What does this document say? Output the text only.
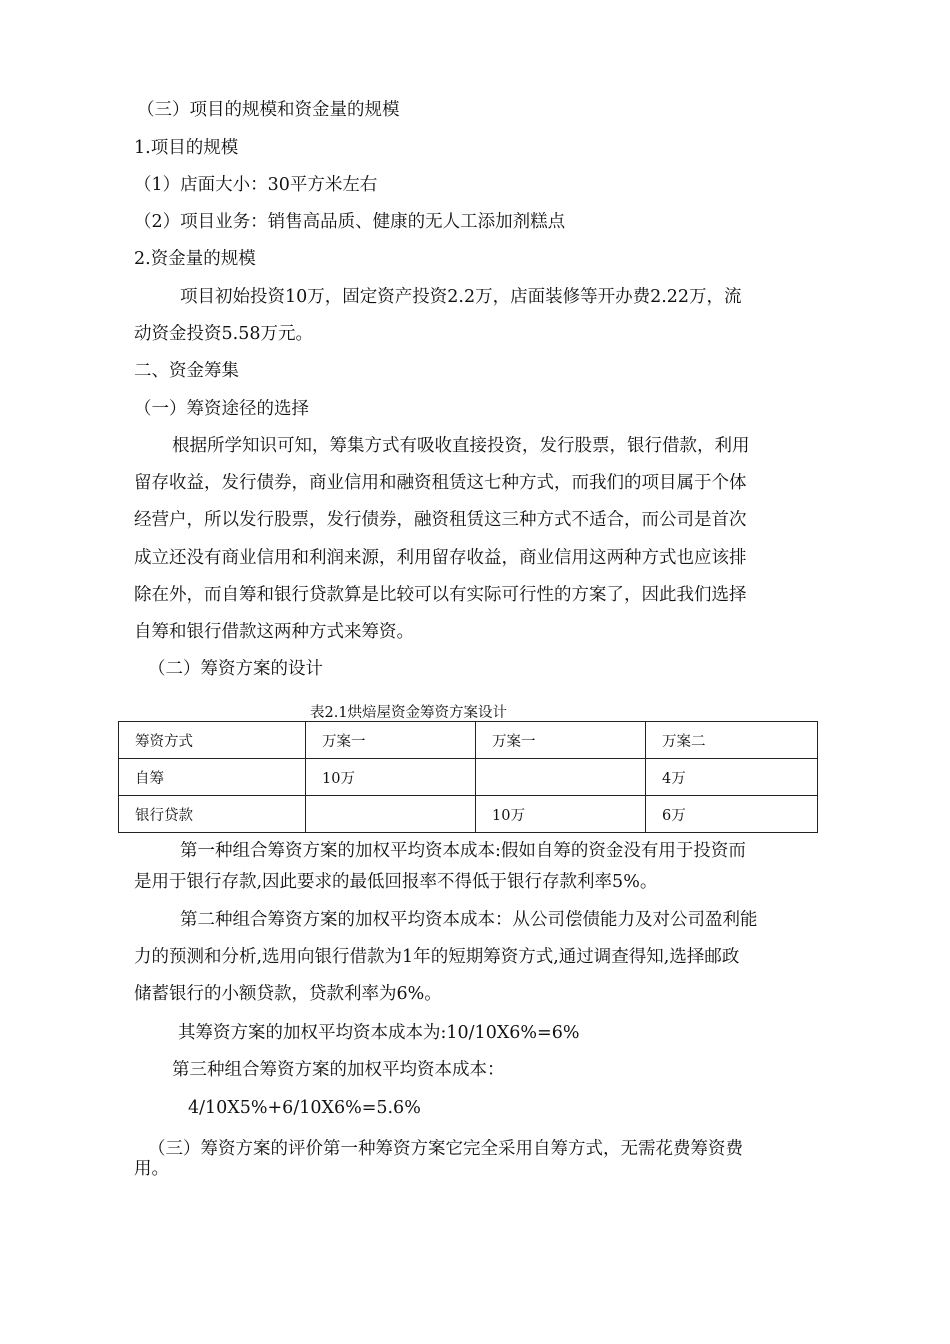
（三）项目的规模和资金量的规模
1.项目的规模
（1）店面大小：30平方米左右
（2）项目业务：销售高品质、健康的无人工添加剂糕点
2.资金量的规模
项目初始投资10万，固定资产投资2.2万，店面装修等开办费2.22万，流
动资金投资5.58万元。
二、资金筹集
（一）筹资途径的选择
根据所学知识可知，筹集方式有吸收直接投资，发行股票，银行借款，利用
留存收益，发行债券，商业信用和融资租赁这七种方式，而我们的项目属于个体
经营户，所以发行股票，发行债券，融资租赁这三种方式不适合，而公司是首次
成立还没有商业信用和利润来源，利用留存收益，商业信用这两种方式也应该排
除在外，而自筹和银行贷款算是比较可以有实际可行性的方案了，因此我们选择
自筹和银行借款这两种方式来筹资。
（二）筹资方案的设计
表2.1烘焙屋资金筹资方案设计
筹资方式	万案一	万案一	万案二
自筹	10万		4万
银行贷款		10万	6万
第一种组合筹资方案的加权平均资本成本:假如自筹的资金没有用于投资而
是用于银行存款,因此要求的最低回报率不得低于银行存款利率5%。
第二种组合筹资方案的加权平均资本成本：从公司偿债能力及对公司盈利能
力的预测和分析,选用向银行借款为1年的短期筹资方式,通过调查得知,选择邮政
储蓄银行的小额贷款，贷款利率为6%。
其筹资方案的加权平均资本成本为:10/10X6%=6%
第三种组合筹资方案的加权平均资本成本：
4/10X5%+6/10X6%=5.6%
（三）筹资方案的评价第一种筹资方案它完全采用自筹方式，无需花费筹资费
用。
